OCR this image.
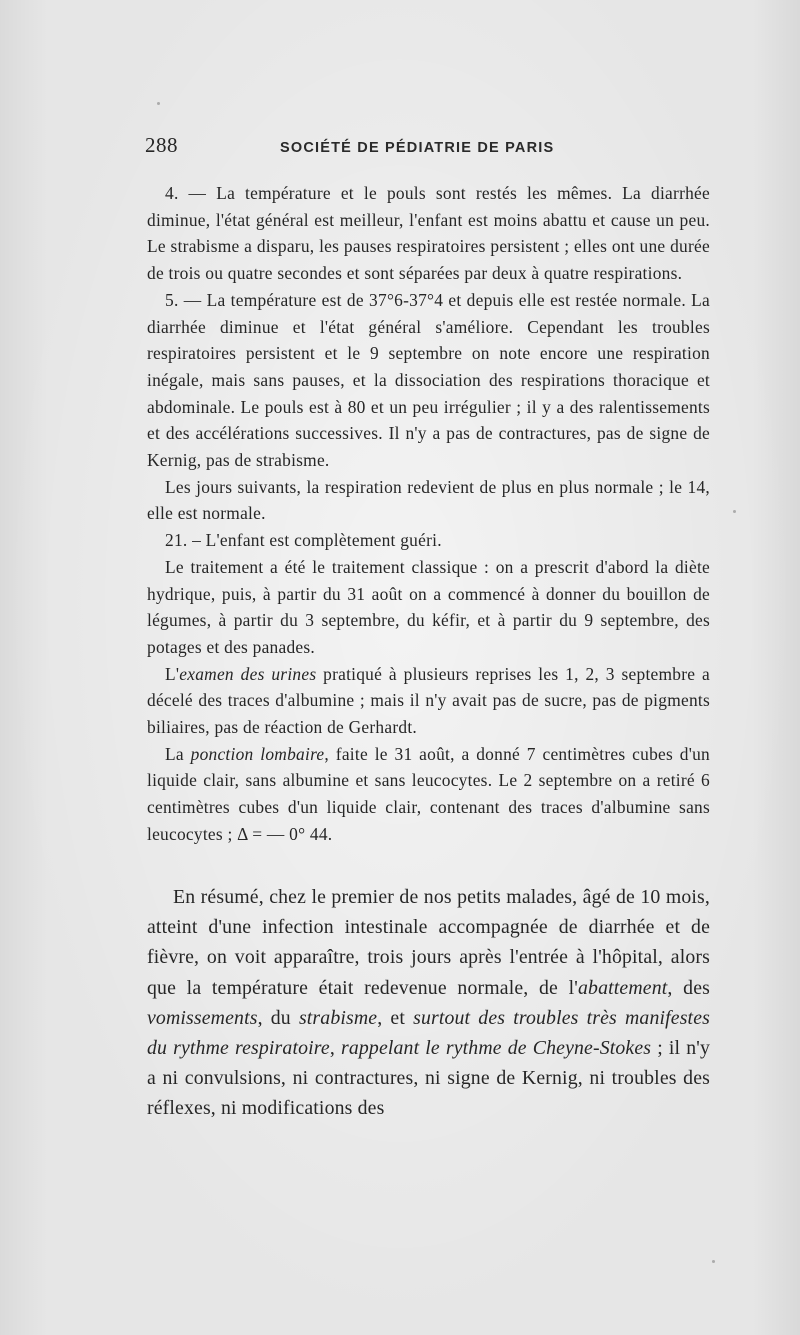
288	SOCIÉTÉ DE PÉDIATRIE DE PARIS

4. — La température et le pouls sont restés les mêmes. La diarrhée diminue, l'état général est meilleur, l'enfant est moins abattu et cause un peu. Le strabisme a disparu, les pauses respiratoires persistent ; elles ont une durée de trois ou quatre secondes et sont séparées par deux à quatre respirations.

5. — La température est de 37°6-37°4 et depuis elle est restée normale. La diarrhée diminue et l'état général s'améliore. Cependant les troubles respiratoires persistent et le 9 septembre on note encore une respiration inégale, mais sans pauses, et la dissociation des respirations thoracique et abdominale. Le pouls est à 80 et un peu irrégulier ; il y a des ralentissements et des accélérations successives. Il n'y a pas de contractures, pas de signe de Kernig, pas de strabisme.

Les jours suivants, la respiration redevient de plus en plus normale ; le 14, elle est normale.

21. – L'enfant est complètement guéri.

Le traitement a été le traitement classique : on a prescrit d'abord la diète hydrique, puis, à partir du 31 août on a commencé à donner du bouillon de légumes, à partir du 3 septembre, du kéfir, et à partir du 9 septembre, des potages et des panades.

L'examen des urines pratiqué à plusieurs reprises les 1, 2, 3 septembre a décelé des traces d'albumine ; mais il n'y avait pas de sucre, pas de pigments biliaires, pas de réaction de Gerhardt.

La ponction lombaire, faite le 31 août, a donné 7 centimètres cubes d'un liquide clair, sans albumine et sans leucocytes. Le 2 septembre on a retiré 6 centimètres cubes d'un liquide clair, contenant des traces d'albumine sans leucocytes ; Δ = — 0° 44.

En résumé, chez le premier de nos petits malades, âgé de 10 mois, atteint d'une infection intestinale accompagnée de diarrhée et de fièvre, on voit apparaître, trois jours après l'entrée à l'hôpital, alors que la température était redevenue normale, de l'abattement, des vomissements, du strabisme, et surtout des troubles très manifestes du rythme respiratoire, rappelant le rythme de Cheyne-Stokes ; il n'y a ni convulsions, ni contractures, ni signe de Kernig, ni troubles des réflexes, ni modifications des
